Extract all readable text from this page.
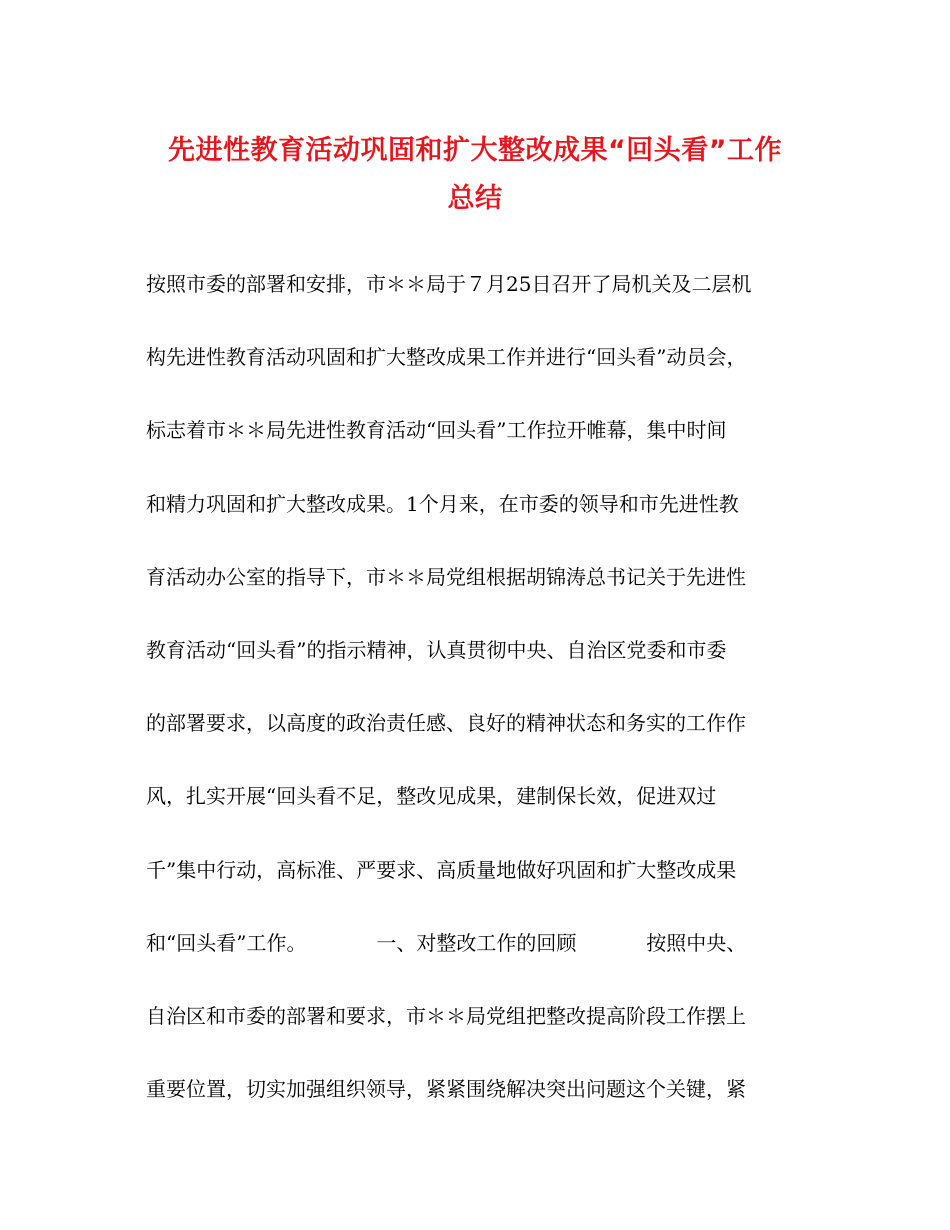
先进性教育活动巩固和扩大整改成果“回头看”工作
总结
按照市委的部署和安排，市＊＊局于７月25日召开了局机关及二层机
构先进性教育活动巩固和扩大整改成果工作并进行“回头看”动员会，
标志着市＊＊局先进性教育活动“回头看”工作拉开帷幕，集中时间
和精力巩固和扩大整改成果。1个月来，在市委的领导和市先进性教
育活动办公室的指导下，市＊＊局党组根据胡锦涛总书记关于先进性
教育活动“回头看”的指示精神，认真贯彻中央、自治区党委和市委
的部署要求，以高度的政治责任感、良好的精神状态和务实的工作作
风，扎实开展“回头看不足，整改见成果，建制保长效，促进双过
千”集中行动，高标准、严要求、高质量地做好巩固和扩大整改成果
和“回头看”工作。           一、对整改工作的回顾           按照中央、
自治区和市委的部署和要求，市＊＊局党组把整改提高阶段工作摆上
重要位置，切实加强组织领导，紧紧围绕解决突出问题这个关键，紧
